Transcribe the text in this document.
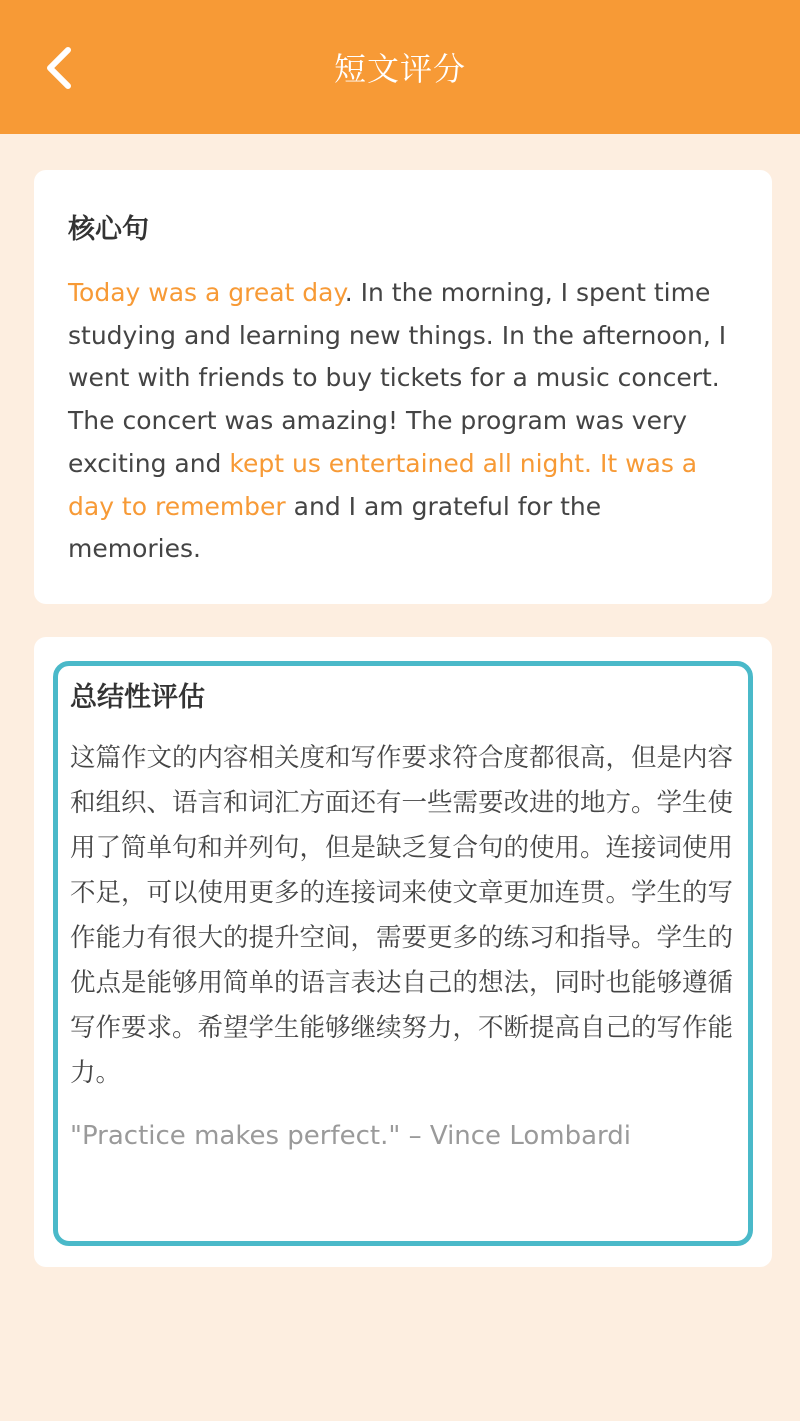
短文评分
核心句
Today was a great day. In the morning, I spent time studying and learning new things. In the afternoon, I went with friends to buy tickets for a music concert. The concert was amazing! The program was very exciting and kept us entertained all night. It was a day to remember and I am grateful for the memories.
总结性评估
这篇作文的内容相关度和写作要求符合度都很高，但是内容和组织、语言和词汇方面还有一些需要改进的地方。学生使用了简单句和并列句，但是缺乏复合句的使用。连接词使用不足，可以使用更多的连接词来使文章更加连贯。学生的写作能力有很大的提升空间，需要更多的练习和指导。学生的优点是能够用简单的语言表达自己的想法，同时也能够遵循写作要求。希望学生能够继续努力，不断提高自己的写作能力。
"Practice makes perfect." – Vince Lombardi
